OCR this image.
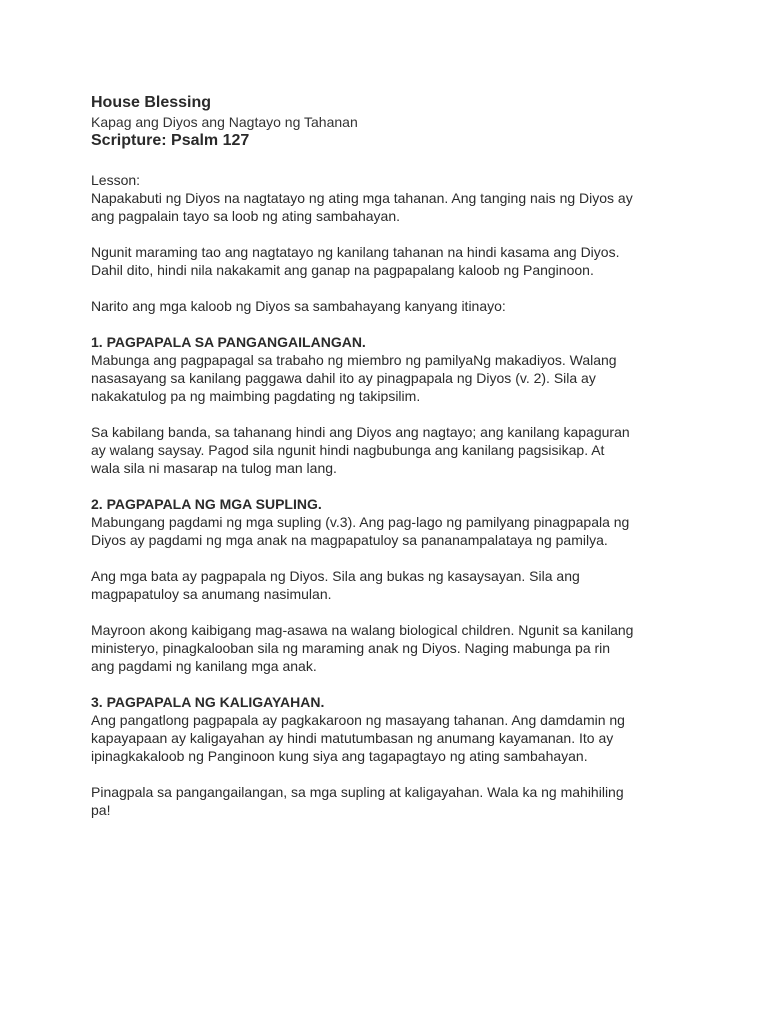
House Blessing

Kapag ang Diyos ang Nagtayo ng Tahanan

Scripture: Psalm 127
Lesson:
Napakabuti ng Diyos na nagtatayo ng ating mga tahanan. Ang tanging nais ng Diyos ay
ang pagpalain tayo sa loob ng ating sambahayan.
Ngunit maraming tao ang nagtatayo ng kanilang tahanan na hindi kasama ang Diyos.
Dahil dito, hindi nila nakakamit ang ganap na pagpapalang kaloob ng Panginoon.
Narito ang mga kaloob ng Diyos sa sambahayang kanyang itinayo:
1. PAGPAPALA SA PANGANGAILANGAN.
Mabunga ang pagpapagal sa trabaho ng miembro ng pamilyaNg makadiyos. Walang
nasasayang sa kanilang paggawa dahil ito ay pinagpapala ng Diyos (v. 2). Sila ay
nakakatulog pa ng maimbing pagdating ng takipsilim.
Sa kabilang banda, sa tahanang hindi ang Diyos ang nagtayo; ang kanilang kapaguran
ay walang saysay. Pagod sila ngunit hindi nagbubunga ang kanilang pagsisikap. At
wala sila ni masarap na tulog man lang.
2. PAGPAPALA NG MGA SUPLING.
Mabungang pagdami ng mga supling (v.3). Ang pag-lago ng pamilyang pinagpapala ng
Diyos ay pagdami ng mga anak na magpapatuloy sa pananampalataya ng pamilya.
Ang mga bata ay pagpapala ng Diyos. Sila ang bukas ng kasaysayan. Sila ang
magpapatuloy sa anumang nasimulan.
Mayroon akong kaibigang mag-asawa na walang biological children. Ngunit sa kanilang
ministeryo, pinagkalooban sila ng maraming anak ng Diyos. Naging mabunga pa rin
ang pagdami ng kanilang mga anak.
3. PAGPAPALA NG KALIGAYAHAN.
Ang pangatlong pagpapala ay pagkakaroon ng masayang tahanan. Ang damdamin ng
kapayapaan ay kaligayahan ay hindi matutumbasan ng anumang kayamanan. Ito ay
ipinagkakaloob ng Panginoon kung siya ang tagapagtayo ng ating sambahayan.
Pinagpala sa pangangailangan, sa mga supling at kaligayahan. Wala ka ng mahihiling
pa!
